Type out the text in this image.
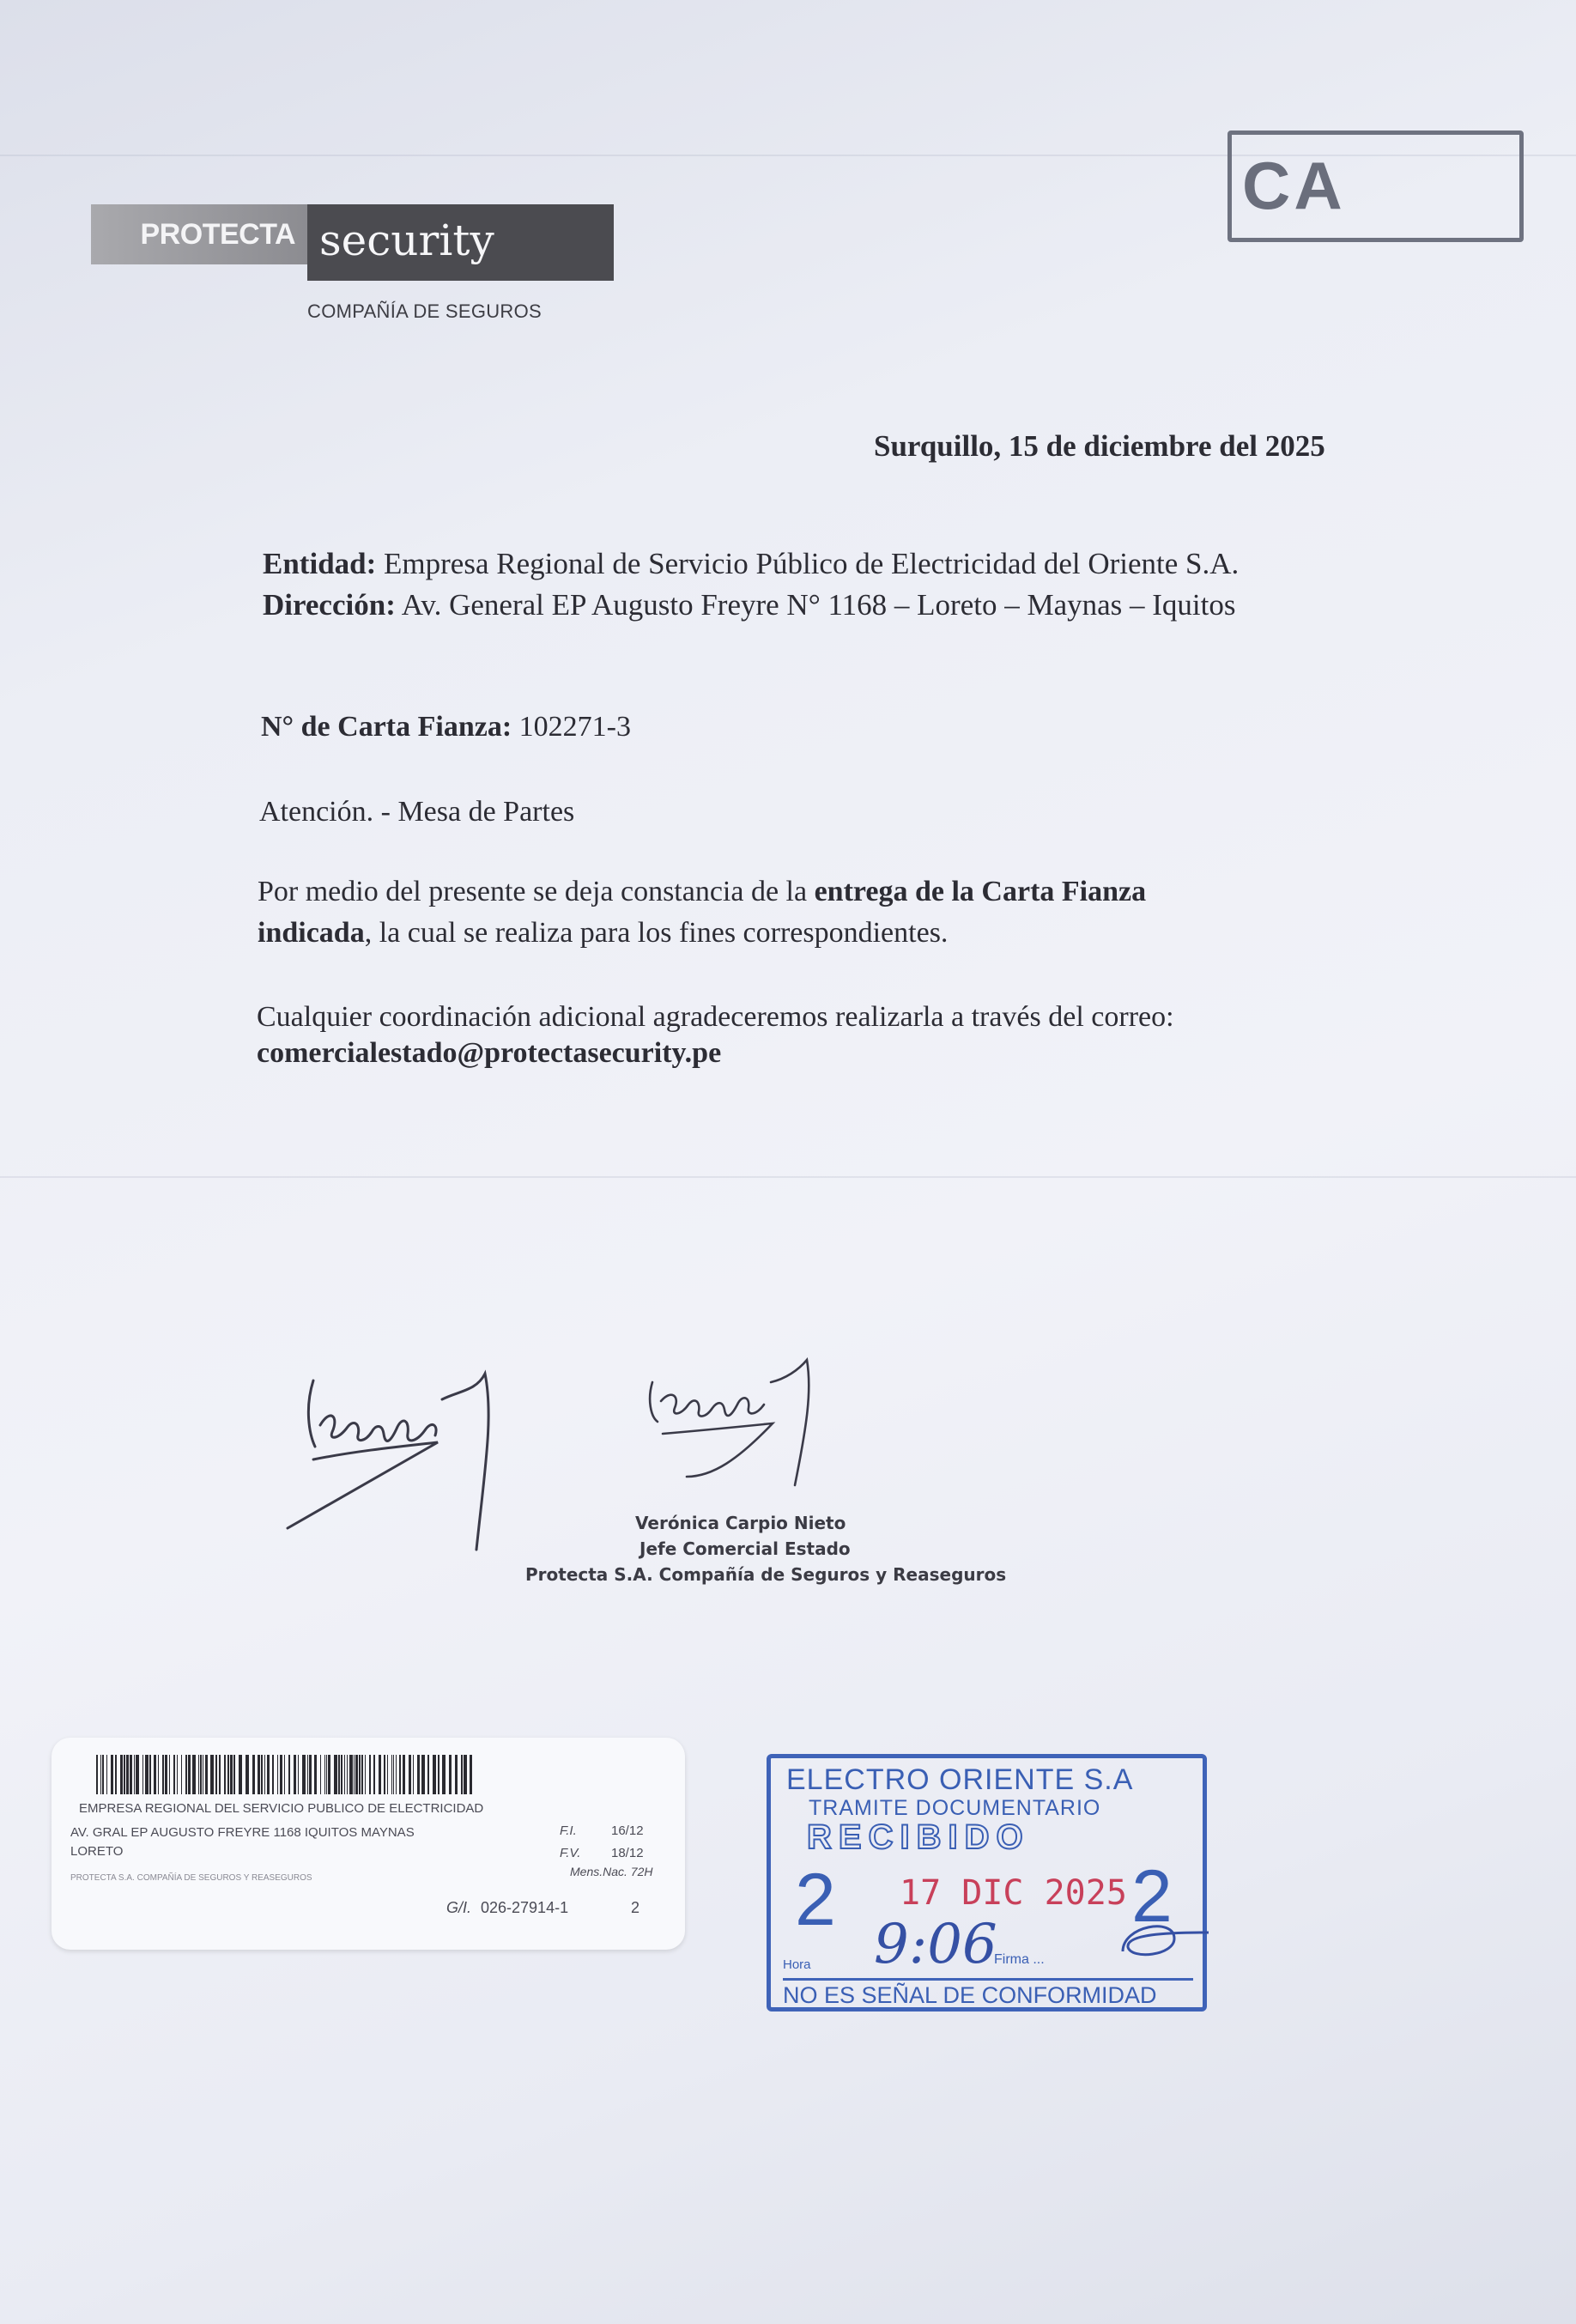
PROTECTA security
COMPAÑÍA DE SEGUROS
CA
Surquillo, 15 de diciembre del 2025
Entidad: Empresa Regional de Servicio Público de Electricidad del Oriente S.A.
Dirección: Av. General EP Augusto Freyre N° 1168 – Loreto – Maynas – Iquitos
N° de Carta Fianza: 102271-3
Atención. - Mesa de Partes
Por medio del presente se deja constancia de la entrega de la Carta Fianza
indicada, la cual se realiza para los fines correspondientes.
Cualquier coordinación adicional agradeceremos realizarla a través del correo:
comercialestado@protectasecurity.pe
Verónica Carpio Nieto
Jefe Comercial Estado
Protecta S.A. Compañía de Seguros y Reaseguros
EMPRESA REGIONAL DEL SERVICIO PUBLICO DE ELECTRICIDAD
AV. GRAL EP AUGUSTO FREYRE 1168 IQUITOS MAYNAS
LORETO
PROTECTA S.A. COMPAÑÍA DE SEGUROS Y REASEGUROS
F.I.	16/12
F.V. 18/12
Mens.Nac. 72H
G/I. 026-27914-1	2
ELECTRO ORIENTE S.A
TRAMITE DOCUMENTARIO
RECIBIDO
2 17 DIC 2025 2
9:06
Hora	Firma ...
NO ES SEÑAL DE CONFORMIDAD
